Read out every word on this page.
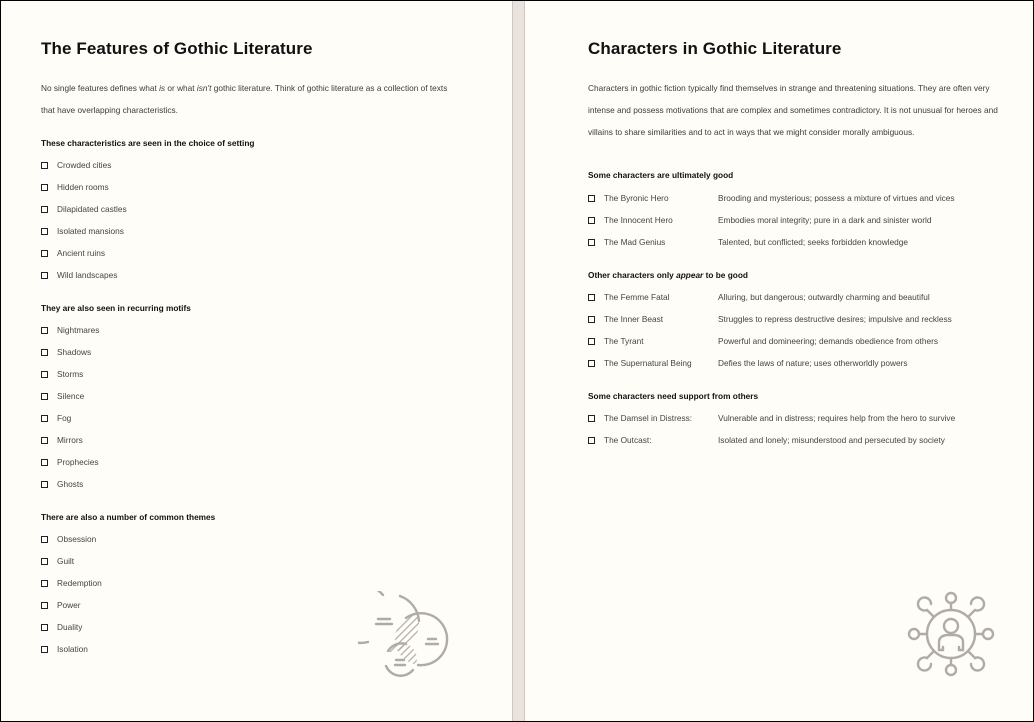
The Features of Gothic Literature

No single features defines what is or what isn't gothic literature. Think of gothic literature as a collection of texts that have overlapping characteristics.

These characteristics are seen in the choice of setting
Crowded cities
Hidden rooms
Dilapidated castles
Isolated mansions
Ancient ruins
Wild landscapes
They are also seen in recurring motifs
Nightmares
Shadows
Storms
Silence
Fog
Mirrors
Prophecies
Ghosts
There are also a number of common themes
Obsession
Guilt
Redemption
Power
Duality
Isolation
Characters in Gothic Literature

Characters in gothic fiction typically find themselves in strange and threatening situations. They are often very intense and possess motivations that are complex and sometimes contradictory. It is not unusual for heroes and villains to share similarities and to act in ways that we might consider morally ambiguous.

Some characters are ultimately good
The Byronic Hero	Brooding and mysterious; possess a mixture of virtues and vices
The Innocent Hero	Embodies moral integrity; pure in a dark and sinister world
The Mad Genius	Talented, but conflicted; seeks forbidden knowledge
Other characters only appear to be good
The Femme Fatal	Alluring, but dangerous; outwardly charming and beautiful
The Inner Beast	Struggles to repress destructive desires; impulsive and reckless
The Tyrant	Powerful and domineering; demands obedience from others
The Supernatural Being	Defies the laws of nature; uses otherworldly powers
Some characters need support from others
The Damsel in Distress:	Vulnerable and in distress; requires help from the hero to survive
The Outcast:	Isolated and lonely; misunderstood and persecuted by society
